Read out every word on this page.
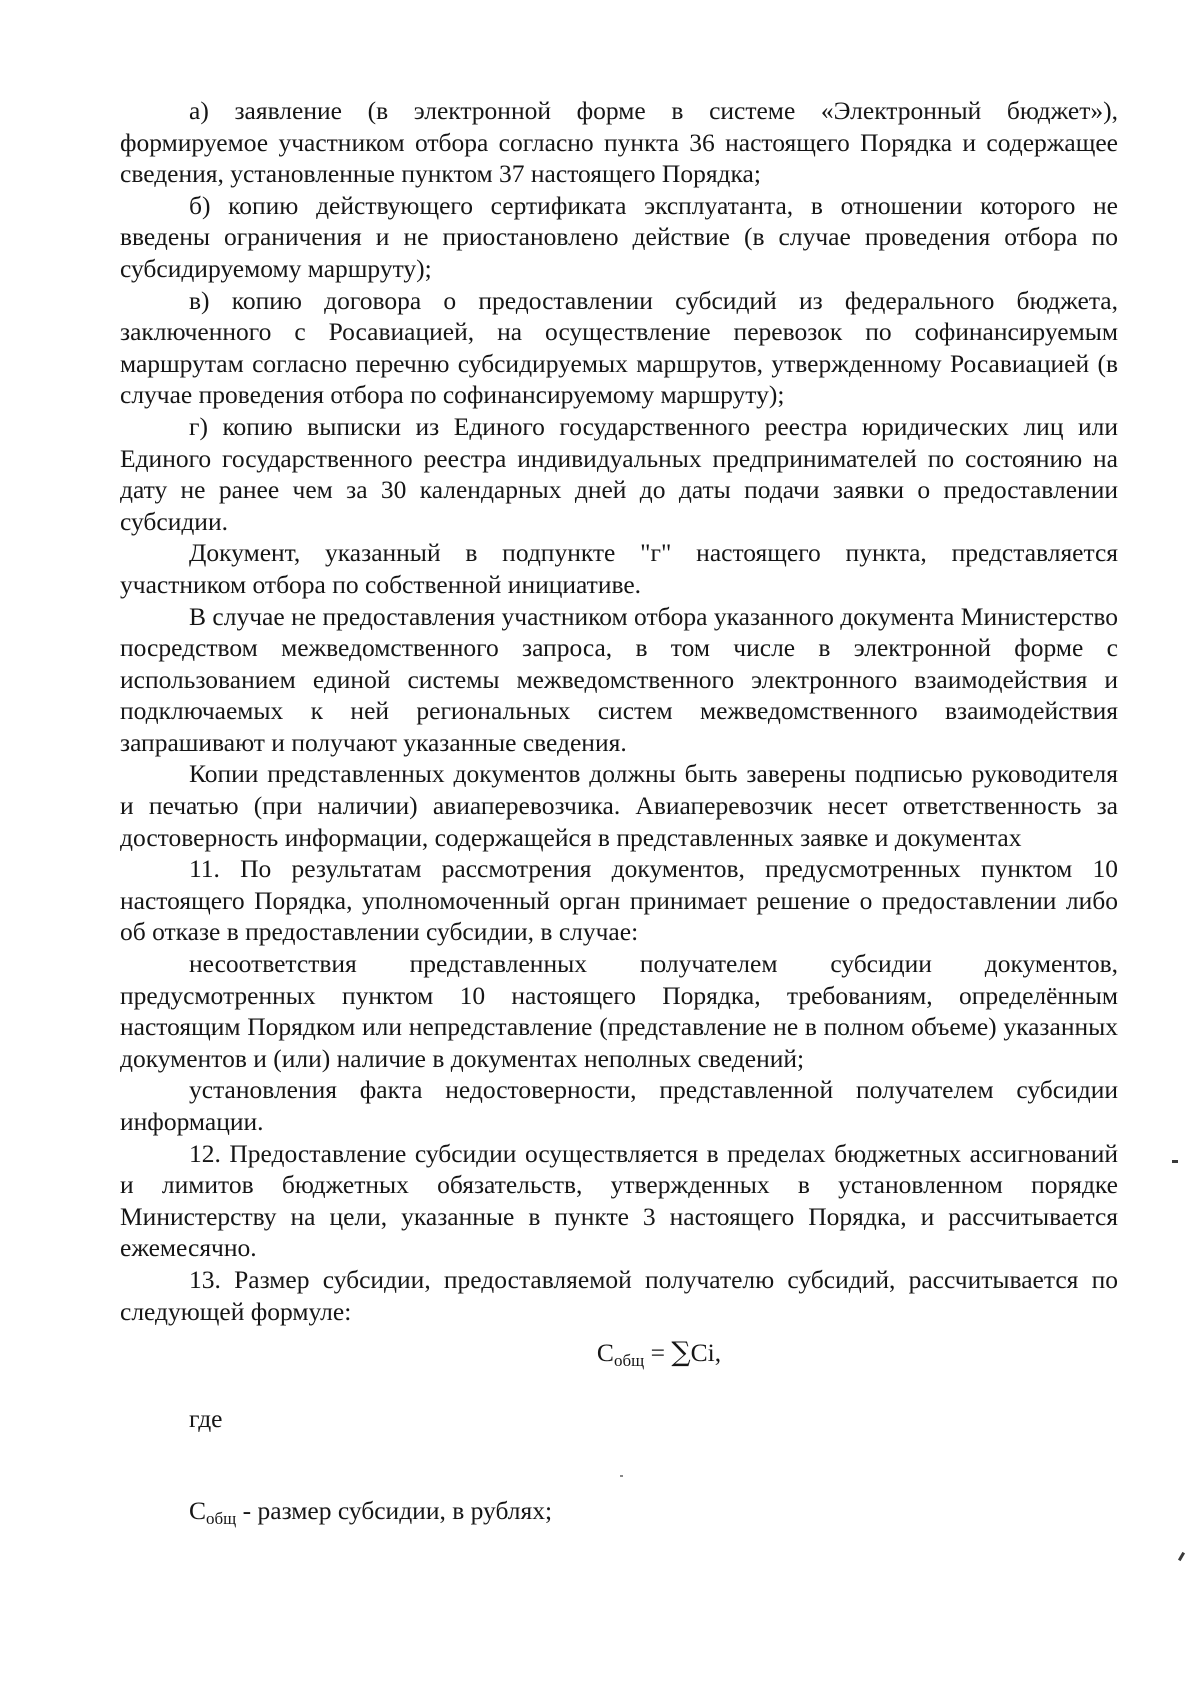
а) заявление (в электронной форме в системе «Электронный бюджет»), формируемое участником отбора согласно пункта 36 настоящего Порядка и содержащее сведения, установленные пунктом 37 настоящего Порядка;

б) копию действующего сертификата эксплуатанта, в отношении которого не введены ограничения и не приостановлено действие (в случае проведения отбора по субсидируемому маршруту);

в) копию договора о предоставлении субсидий из федерального бюджета, заключенного с Росавиацией, на осуществление перевозок по софинансируемым маршрутам согласно перечню субсидируемых маршрутов, утвержденному Росавиацией (в случае проведения отбора по софинансируемому маршруту);

г) копию выписки из Единого государственного реестра юридических лиц или Единого государственного реестра индивидуальных предпринимателей по состоянию на дату не ранее чем за 30 календарных дней до даты подачи заявки о предоставлении субсидии.

Документ, указанный в подпункте "г" настоящего пункта, представляется участником отбора по собственной инициативе.

В случае не предоставления участником отбора указанного документа Министерство посредством межведомственного запроса, в том числе в электронной форме с использованием единой системы межведомственного электронного взаимодействия и подключаемых к ней региональных систем межведомственного взаимодействия запрашивают и получают указанные сведения.

Копии представленных документов должны быть заверены подписью руководителя и печатью (при наличии) авиаперевозчика. Авиаперевозчик несет ответственность за достоверность информации, содержащейся в представленных заявке и документах

11. По результатам рассмотрения документов, предусмотренных пунктом 10 настоящего Порядка, уполномоченный орган принимает решение о предоставлении либо об отказе в предоставлении субсидии, в случае:

несоответствия представленных получателем субсидии документов, предусмотренных пунктом 10 настоящего Порядка, требованиям, определённым настоящим Порядком или непредставление (представление не в полном объеме) указанных документов и (или) наличие в документах неполных сведений;

установления факта недостоверности, представленной получателем субсидии информации.

12. Предоставление субсидии осуществляется в пределах бюджетных ассигнований и лимитов бюджетных обязательств, утвержденных в установленном порядке Министерству на цели, указанные в пункте 3 настоящего Порядка, и рассчитывается ежемесячно.

13. Размер субсидии, предоставляемой получателю субсидий, рассчитывается по следующей формуле:

$С_{общ} = \sum Сi$,

где

$С_{общ}$ - размер субсидии, в рублях;
